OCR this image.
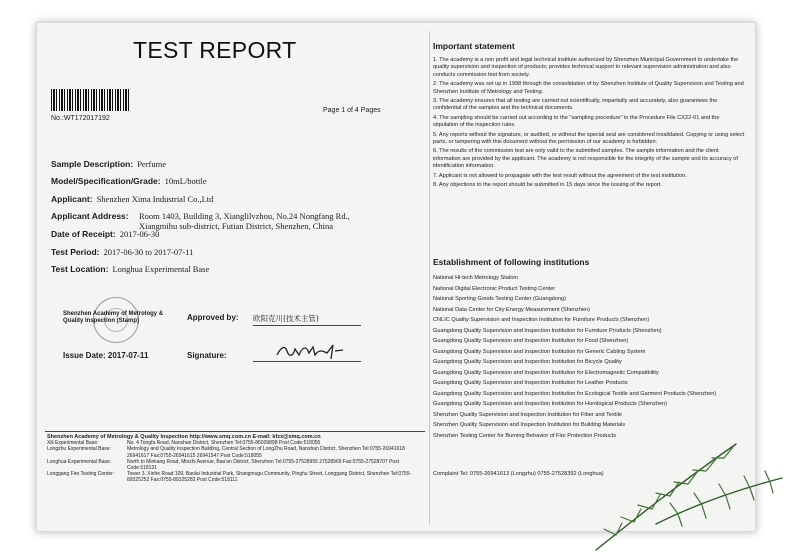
TEST REPORT
No.:WT172017192
Page 1 of 4 Pages
Sample Description: Perfume
Model/Specification/Grade: 10mL/bottle
Applicant: Shenzhen Xima Industrial Co.,Ltd
Applicant Address: Room 1403, Building 3, Xianglilvzhou, No.24 Nongfang Rd., Xiangmihu sub-district, Futian District, Shenzhen, China
Date of Receipt: 2017-06-30
Test Period: 2017-06-30 to 2017-07-11
Test Location: Longhua Experimental Base
Shenzhen Academy of Metrology & Quality Inspection (Stamp)	Approved by: 欧阳克川(技术主管)
Issue Date: 2017-07-11	Signature:
Shenzhen Academy of Metrology & Quality Inspection http://www.smq.com.cn E-mail: kfzx@smq.com.cn
Xili Experimental Base:	No. 4 Tongfa Road, Nanshan District, Shenzhen Tel:0755-86009898 Post Code:518055
Longzhu Experimental Base:	Metrology and Quality Inspection Building, Central Section of LongZhu Road, Nanshan District, Shenzhen Tel:0755-26941618 26941617 Fax:0755-26941615 26941547 Post Code:518055
Longhua Experimental Base:	North to Minkang Road, Minzhi Avenue, Bao'an District, Shenzhen Tel:0755-27528955 27528969 Fax:0755-27528707 Post Code:518131
Longgang Fire Testing Center:	Tower 3, Xinhe Road 109, Baolai Industrial Park, Shangmugu Community, Pinghu Street, Longgang District, Shenzhen Tel:0755-89325252 Fax:0755-89325282 Post Code:518111
Important statement
1. The academy is a non profit and legal technical institute authorized by Shenzhen Municipal Government to undertake the quality supervision and inspection of products; provides technical support to relevant supervision administration and also conducts commission test from society.
2. The academy was set up in 1998 through the consolidation of by Shenzhen Institute of Quality Supervision and Testing and Shenzhen Institute of Metrology and Testing.
3. The academy ensures that all testing are carried out scientifically, impartially and accurately, also guarantees the confidential of the samples and the technical documents.
4. The sampling should be carried out according to the "sampling procedure" in the Procedure File CX22-01 and the stipulation of the inspection rules.
5. Any reports without the signature, or audited, or without the special seal are considered invalidated. Copying or using select parts, or tampering with this document without the permission of our academy is forbidden.
6. The results of the commission test are only valid to the submitted samples. The sample information and the client information are provided by the applicant. The academy is not responsible for the integrity of the sample and its accuracy of identification information.
7. Applicant is not allowed to propagate with the test result without the agreement of the test institution.
8. Any objections to the report should be submitted in 15 days since the issuing of the report.
Establishment of following institutions
National Hi-tech Metrology Station
National Digital Electronic Product Testing Center
National Sporting Goods Testing Center (Guangdong)
National Data Center for City Energy Measurement (Shenzhen)
CNLIC Quality Supervision and Inspection Institution for Furniture Products (Shenzhen)
Guangdong Quality Supervision and Inspection Institution for Furniture Products (Shenzhen)
Guangdong Quality Supervision and Inspection Institution for Food (Shenzhen)
Guangdong Quality Supervision and Inspection Institution for Generic Cabling System
Guangdong Quality Supervision and Inspection Institution for Bicycle Quality
Guangdong Quality Supervision and Inspection Institution for Electromagnetic Compatibility
Guangdong Quality Supervision and Inspection Institution for Leather Products
Guangdong Quality Supervision and Inspection Institution for Ecological Textile and Garment Products (Shenzhen)
Guangdong Quality Supervision and Inspection Institution for Horological Products (Shenzhen)
Shenzhen Quality Supervision and Inspection Institution for Fiber and Textile
Shenzhen Quality Supervision and Inspection Institution for Building Materials
Shenzhen Testing Center for Burning Behavior of Fire Protection Products
Complaint Tel: 0755-26941613 (Longzhu) 0755-27528392 (Longhua)
